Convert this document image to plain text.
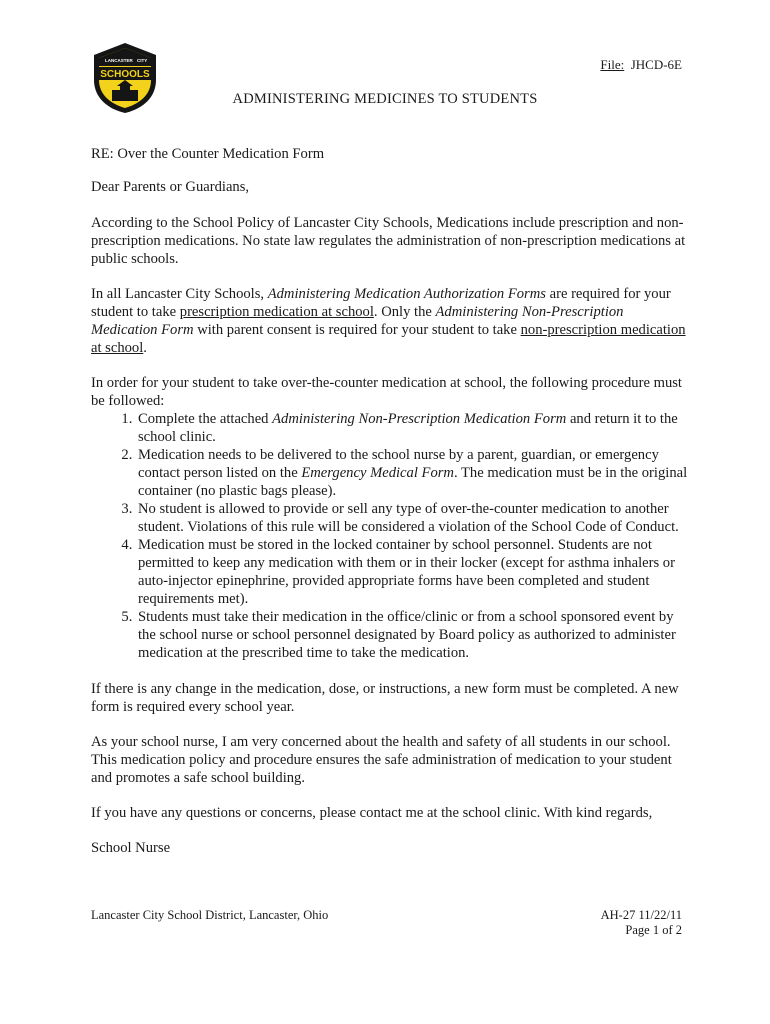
LANCASTER CITY
SCHOOLS
File: JHCD-6E
ADMINISTERING MEDICINES TO STUDENTS

RE: Over the Counter Medication Form

Dear Parents or Guardians,

According to the School Policy of Lancaster City Schools, Medications include prescription and non-prescription medications. No state law regulates the administration of non-prescription medications at public schools.

In all Lancaster City Schools, Administering Medication Authorization Forms are required for your student to take prescription medication at school. Only the Administering Non-Prescription Medication Form with parent consent is required for your student to take non-prescription medication at school.

In order for your student to take over-the-counter medication at school, the following procedure must be followed:

1. Complete the attached Administering Non-Prescription Medication Form and return it to the school clinic.
2. Medication needs to be delivered to the school nurse by a parent, guardian, or emergency contact person listed on the Emergency Medical Form. The medication must be in the original container (no plastic bags please).
3. No student is allowed to provide or sell any type of over-the-counter medication to another student. Violations of this rule will be considered a violation of the School Code of Conduct.
4. Medication must be stored in the locked container by school personnel. Students are not permitted to keep any medication with them or in their locker (except for asthma inhalers or auto-injector epinephrine, provided appropriate forms have been completed and student requirements met).
5. Students must take their medication in the office/clinic or from a school sponsored event by the school nurse or school personnel designated by Board policy as authorized to administer medication at the prescribed time to take the medication.

If there is any change in the medication, dose, or instructions, a new form must be completed. A new form is required every school year.

As your school nurse, I am very concerned about the health and safety of all students in our school. This medication policy and procedure ensures the safe administration of medication to your student and promotes a safe school building.

If you have any questions or concerns, please contact me at the school clinic. With kind regards,

School Nurse

Lancaster City School District, Lancaster, Ohio	AH-27 11/22/11
Page 1 of 2
